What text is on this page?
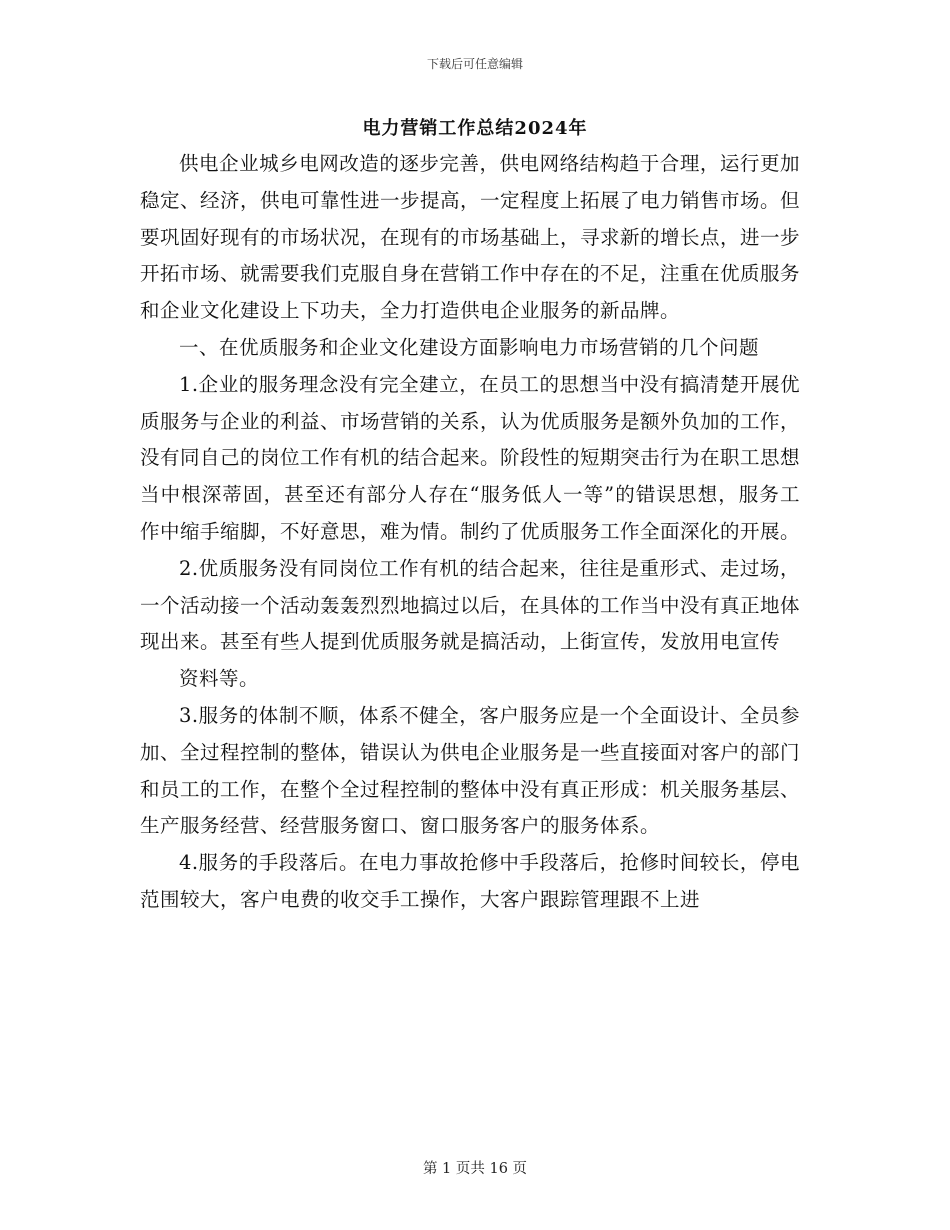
下载后可任意编辑
电力营销工作总结2024年

供电企业城乡电网改造的逐步完善，供电网络结构趋于合理，运行更加稳定、经济，供电可靠性进一步提高，一定程度上拓展了电力销售市场。但要巩固好现有的市场状况，在现有的市场基础上，寻求新的增长点，进一步开拓市场、就需要我们克服自身在营销工作中存在的不足，注重在优质服务和企业文化建设上下功夫，全力打造供电企业服务的新品牌。

一、在优质服务和企业文化建设方面影响电力市场营销的几个问题

1.企业的服务理念没有完全建立，在员工的思想当中没有搞清楚开展优质服务与企业的利益、市场营销的关系，认为优质服务是额外负加的工作，没有同自己的岗位工作有机的结合起来。阶段性的短期突击行为在职工思想当中根深蒂固，甚至还有部分人存在“服务低人一等”的错误思想，服务工作中缩手缩脚，不好意思，难为情。制约了优质服务工作全面深化的开展。

2.优质服务没有同岗位工作有机的结合起来，往往是重形式、走过场，一个活动接一个活动轰轰烈烈地搞过以后，在具体的工作当中没有真正地体现出来。甚至有些人提到优质服务就是搞活动，上街宣传，发放用电宣传

资料等。

3.服务的体制不顺，体系不健全，客户服务应是一个全面设计、全员参加、全过程控制的整体，错误认为供电企业服务是一些直接面对客户的部门和员工的工作，在整个全过程控制的整体中没有真正形成：机关服务基层、生产服务经营、经营服务窗口、窗口服务客户的服务体系。

4.服务的手段落后。在电力事故抢修中手段落后，抢修时间较长，停电范围较大，客户电费的收交手工操作，大客户跟踪管理跟不上进

第 1 页共 16 页
